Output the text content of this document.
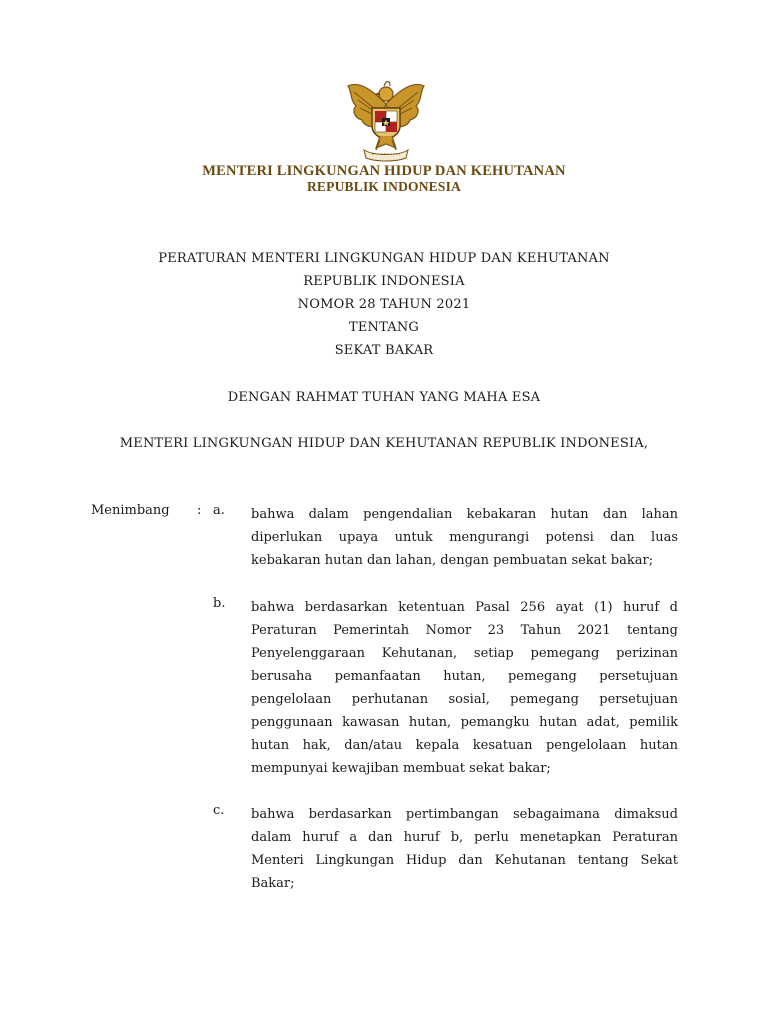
MENTERI LINGKUNGAN HIDUP DAN KEHUTANAN
REPUBLIK INDONESIA
PERATURAN MENTERI LINGKUNGAN HIDUP DAN KEHUTANAN
REPUBLIK INDONESIA
NOMOR 28 TAHUN 2021
TENTANG
SEKAT BAKAR
DENGAN RAHMAT TUHAN YANG MAHA ESA
MENTERI LINGKUNGAN HIDUP DAN KEHUTANAN REPUBLIK INDONESIA,
Menimbang : a. bahwa dalam pengendalian kebakaran hutan dan lahan diperlukan upaya untuk mengurangi potensi dan luas kebakaran hutan dan lahan, dengan pembuatan sekat bakar;

b. bahwa berdasarkan ketentuan Pasal 256 ayat (1) huruf d Peraturan Pemerintah Nomor 23 Tahun 2021 tentang Penyelenggaraan Kehutanan, setiap pemegang perizinan berusaha pemanfaatan hutan, pemegang persetujuan pengelolaan perhutanan sosial, pemegang persetujuan penggunaan kawasan hutan, pemangku hutan adat, pemilik hutan hak, dan/atau kepala kesatuan pengelolaan hutan mempunyai kewajiban membuat sekat bakar;

c. bahwa berdasarkan pertimbangan sebagaimana dimaksud dalam huruf a dan huruf b, perlu menetapkan Peraturan Menteri Lingkungan Hidup dan Kehutanan tentang Sekat Bakar;
